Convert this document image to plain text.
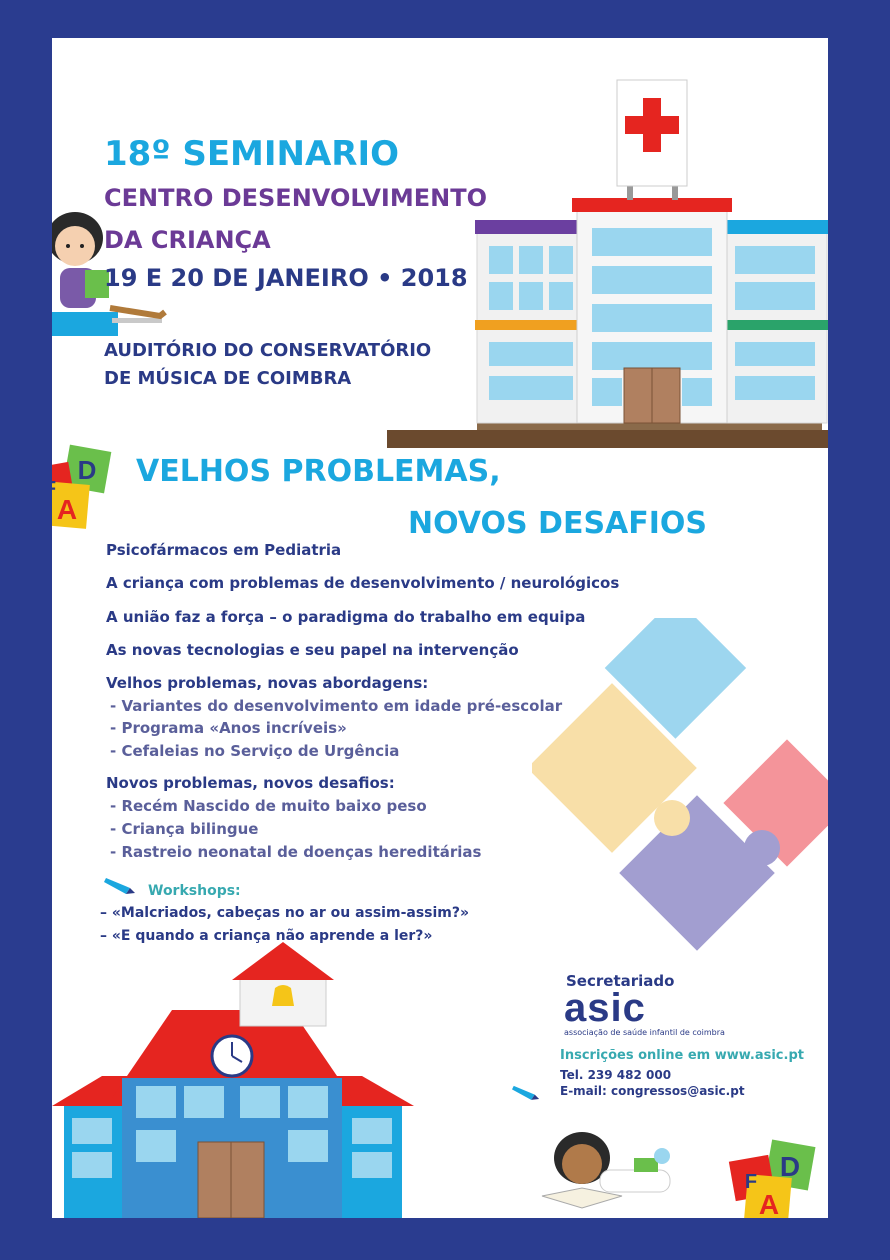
D
F
A
D
F
A
18º SEMINARIO
CENTRO DESENVOLVIMENTO
DA CRIANÇA
19 E 20 DE JANEIRO • 2018
AUDITÓRIO DO CONSERVATÓRIO
DE MÚSICA DE COIMBRA
VELHOS PROBLEMAS,
NOVOS DESAFIOS
Psicofármacos em Pediatria
A criança com problemas de desenvolvimento / neurológicos
A união faz a força – o paradigma do trabalho em equipa
As novas tecnologias e seu papel na intervenção
Velhos problemas, novas abordagens:
- Variantes do desenvolvimento em idade pré-escolar
- Programa «Anos incríveis»
- Cefaleias no Serviço de Urgência
Novos problemas, novos desafios:
- Recém Nascido de muito baixo peso
- Criança bilingue
- Rastreio neonatal de doenças hereditárias
Workshops:
– «Malcriados, cabeças no ar ou assim-assim?»
– «E quando a criança não aprende a ler?»
Secretariado
asic
associação de saúde infantil de coimbra
Inscrições online em www.asic.pt
Tel. 239 482 000
E-mail: congressos@asic.pt
